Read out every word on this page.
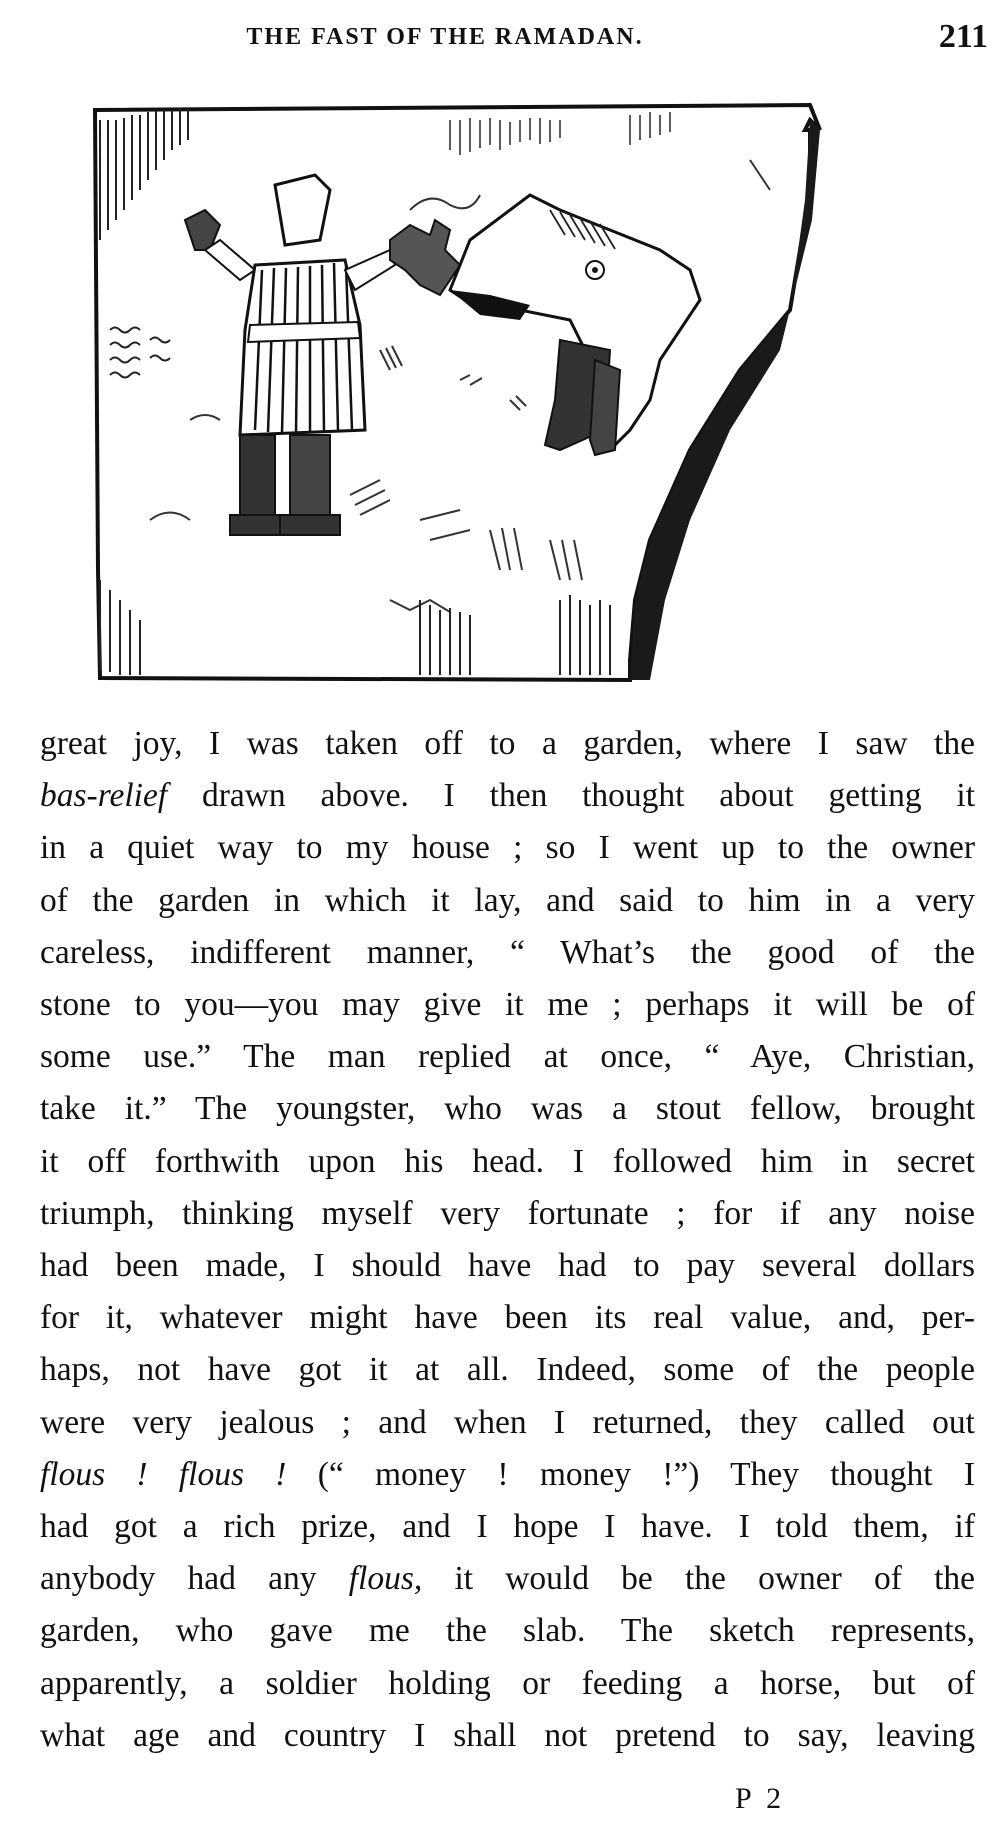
THE FAST OF THE RAMADAN.	211
great joy, I was taken off to a garden, where I saw the
bas-relief drawn above. I then thought about getting it
in a quiet way to my house ; so I went up to the owner
of the garden in which it lay, and said to him in a very
careless, indifferent manner, “ What’s the good of the
stone to you—you may give it me ; perhaps it will be of
some use.” The man replied at once, “ Aye, Christian,
take it.” The youngster, who was a stout fellow, brought
it off forthwith upon his head. I followed him in secret
triumph, thinking myself very fortunate ; for if any noise
had been made, I should have had to pay several dollars
for it, whatever might have been its real value, and, per-
haps, not have got it at all. Indeed, some of the people
were very jealous ; and when I returned, they called out
flous ! flous ! (“ money ! money !”) They thought I
had got a rich prize, and I hope I have. I told them, if
anybody had any flous, it would be the owner of the
garden, who gave me the slab. The sketch represents,
apparently, a soldier holding or feeding a horse, but of
what age and country I shall not pretend to say, leaving
P 2
